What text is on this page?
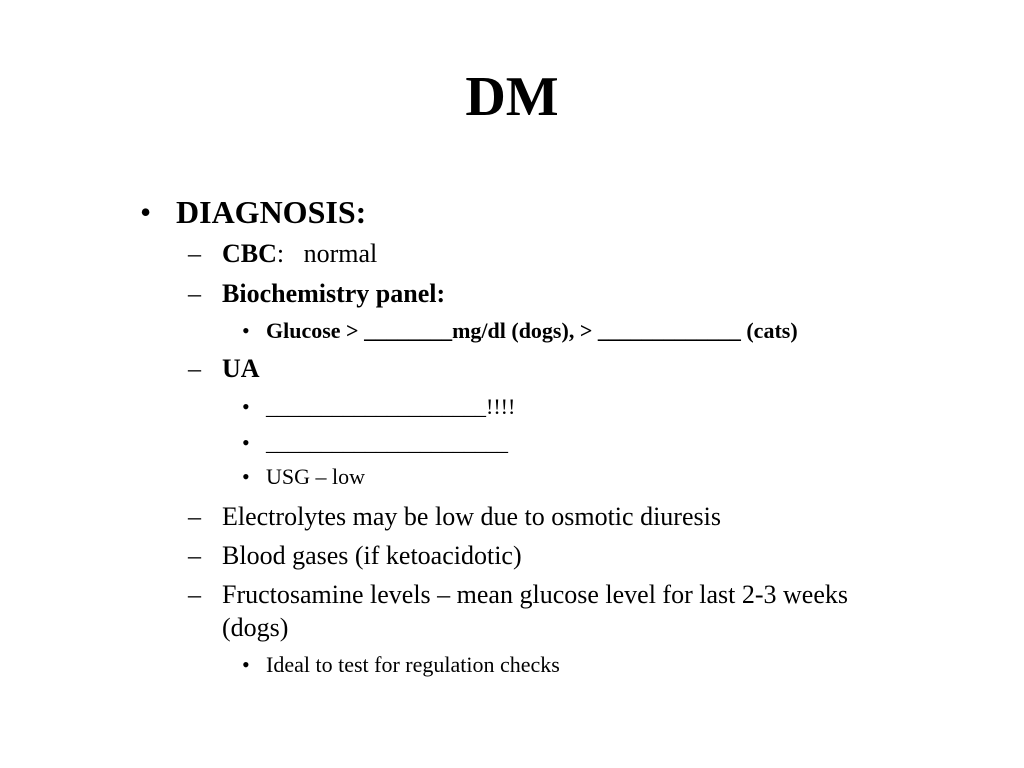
DM
• DIAGNOSIS:
– CBC:   normal
– Biochemistry panel:
• Glucose > ________mg/dl (dogs), > _____________ (cats)
– UA
• ____________________!!!!
• ______________________
• USG – low
– Electrolytes may be low due to osmotic diuresis
– Blood gases (if ketoacidotic)
– Fructosamine levels – mean glucose level for last 2-3 weeks
(dogs)
• Ideal to test for regulation checks
